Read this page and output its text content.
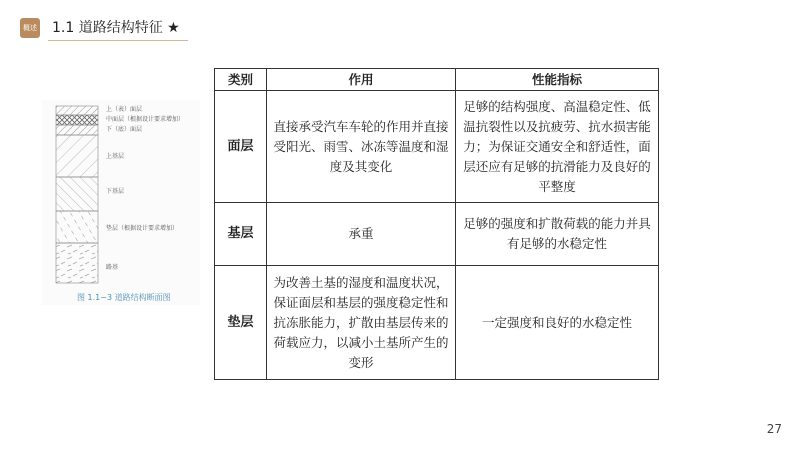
概述 1.1 道路结构特征 ★
上（表）面层
中面层（根据设计要求增加）
下（底）面层
上基层
下基层
垫层（根据设计要求增加）
路基
图 1.1−3 道路结构断面图
类别	作用	性能指标
面层	直接承受汽车车轮的作用并直接受阳光、雨雪、冰冻等温度和湿度及其变化	足够的结构强度、高温稳定性、低温抗裂性以及抗疲劳、抗水损害能力；为保证交通安全和舒适性，面层还应有足够的抗滑能力及良好的平整度
基层	承重	足够的强度和扩散荷载的能力并具有足够的水稳定性
垫层	为改善土基的湿度和温度状况，保证面层和基层的强度稳定性和抗冻胀能力，扩散由基层传来的荷载应力，以减小土基所产生的变形	一定强度和良好的水稳定性
27
